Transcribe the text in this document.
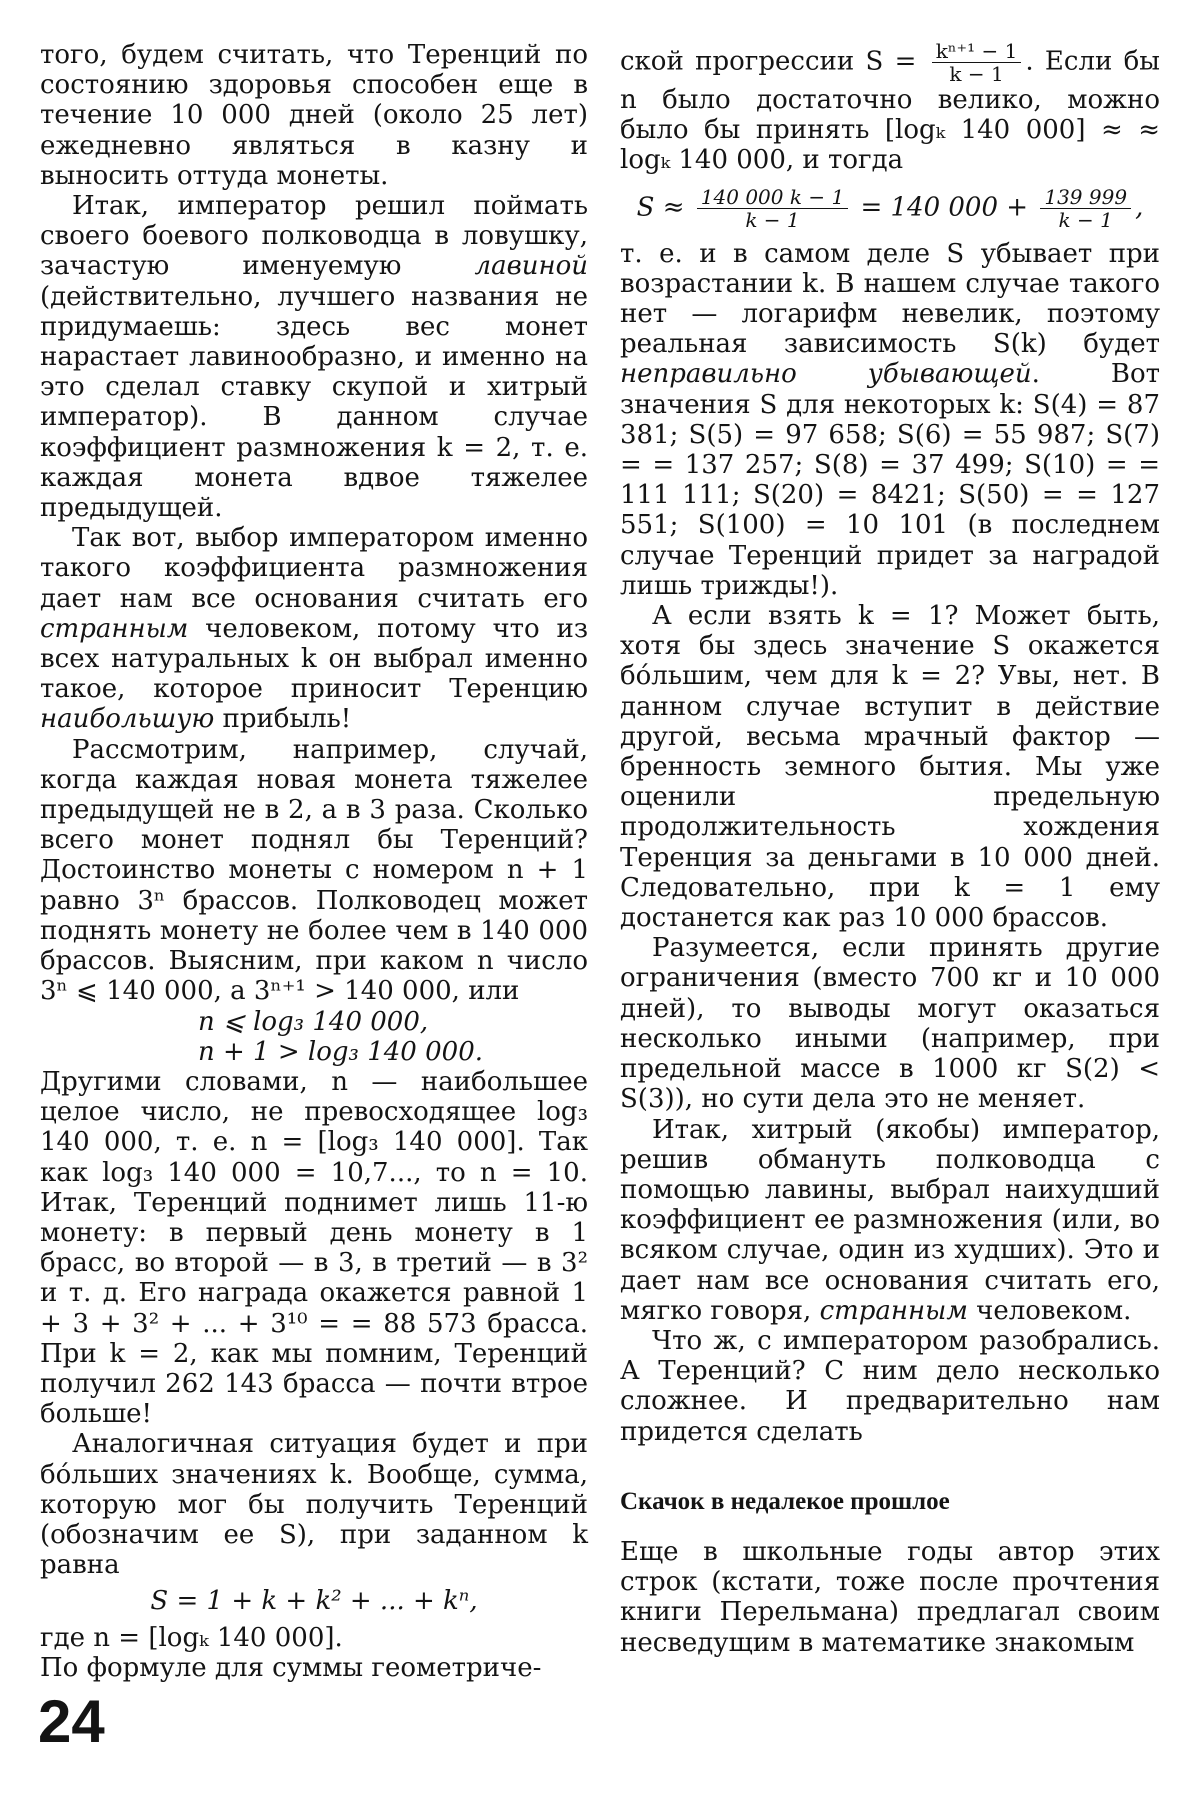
того, будем считать, что Теренций по состоянию здоровья способен еще в течение 10 000 дней (около 25 лет) ежедневно являться в казну и выносить оттуда монеты.

Итак, император решил поймать своего боевого полководца в ловушку, зачастую именуемую лавиной (действительно, лучшего названия не придумаешь: здесь вес монет нарастает лавинообразно, и именно на это сделал ставку скупой и хитрый император). В данном случае коэффициент размножения k = 2, т. е. каждая монета вдвое тяжелее предыдущей.

Так вот, выбор императором именно такого коэффициента размножения дает нам все основания считать его странным человеком, потому что из всех натуральных k он выбрал именно такое, которое приносит Теренцию наибольшую прибыль!

Рассмотрим, например, случай, когда каждая новая монета тяжелее предыдущей не в 2, а в 3 раза. Сколько всего монет поднял бы Теренций? Достоинство монеты с номером n + 1 равно 3ⁿ брассов. Полководец может поднять монету не более чем в 140 000 брассов. Выясним, при каком n число 3ⁿ ⩽ 140 000, а 3ⁿ⁺¹ > 140 000, или

n ⩽ log₃ 140 000,
n + 1 > log₃ 140 000.

Другими словами, n — наибольшее целое число, не превосходящее log₃ 140 000, т. е. n = [log₃ 140 000]. Так как log₃ 140 000 = 10,7..., то n = 10. Итак, Теренций поднимет лишь 11-ю монету: в первый день монету в 1 брасс, во второй — в 3, в третий — в 3² и т. д. Его награда окажется равной 1 + 3 + 3² + ... + 3¹⁰ = = 88 573 брасса. При k = 2, как мы помним, Теренций получил 262 143 брасса — почти втрое больше!

Аналогичная ситуация будет и при бо́льших значениях k. Вообще, сумма, которую мог бы получить Теренций (обозначим ее S), при заданном k равна

S = 1 + k + k² + ... + kⁿ,

где n = [logₖ 140 000].

По формуле для суммы геометриче-

ской прогрессии $S = \frac{\text{kⁿ⁺¹ − 1}}{k - 1}$ . Если бы n было достаточно велико, можно было бы принять [logₖ 140 000] ≈ ≈ logₖ 140 000, и тогда

$S \approx \frac{140 000 k - 1}{k - 1} = 140$ $000 + \frac{139 999}{k - 1}$ ,

т. е. и в самом деле S убывает при возрастании k. В нашем случае такого нет — логарифм невелик, поэтому реальная зависимость S(k) будет неправильно убывающей. Вот значения S для некоторых k: S(4) = 87 381; S(5) = 97 658; S(6) = 55 987; S(7) = = 137 257; S(8) = 37 499; S(10) = = 111 111; S(20) = 8421; S(50) = = 127 551; S(100) = 10 101 (в последнем случае Теренций придет за наградой лишь трижды!).

А если взять k = 1? Может быть, хотя бы здесь значение S окажется бо́льшим, чем для k = 2? Увы, нет. В данном случае вступит в действие другой, весьма мрачный фактор — бренность земного бытия. Мы уже оценили предельную продолжительность хождения Теренция за деньгами в 10 000 дней. Следовательно, при k = 1 ему достанется как раз 10 000 брассов.

Разумеется, если принять другие ограничения (вместо 700 кг и 10 000 дней), то выводы могут оказаться несколько иными (например, при предельной массе в 1000 кг S(2) < S(3)), но сути дела это не меняет.

Итак, хитрый (якобы) император, решив обмануть полководца с помощью лавины, выбрал наихудший коэффициент ее размножения (или, во всяком случае, один из худших). Это и дает нам все основания считать его, мягко говоря, странным человеком.

Что ж, с императором разобрались. А Теренций? С ним дело несколько сложнее. И предварительно нам придется сделать

Скачок в недалекое прошлое

Еще в школьные годы автор этих строк (кстати, тоже после прочтения книги Перельмана) предлагал своим несведущим в математике знакомым

24
